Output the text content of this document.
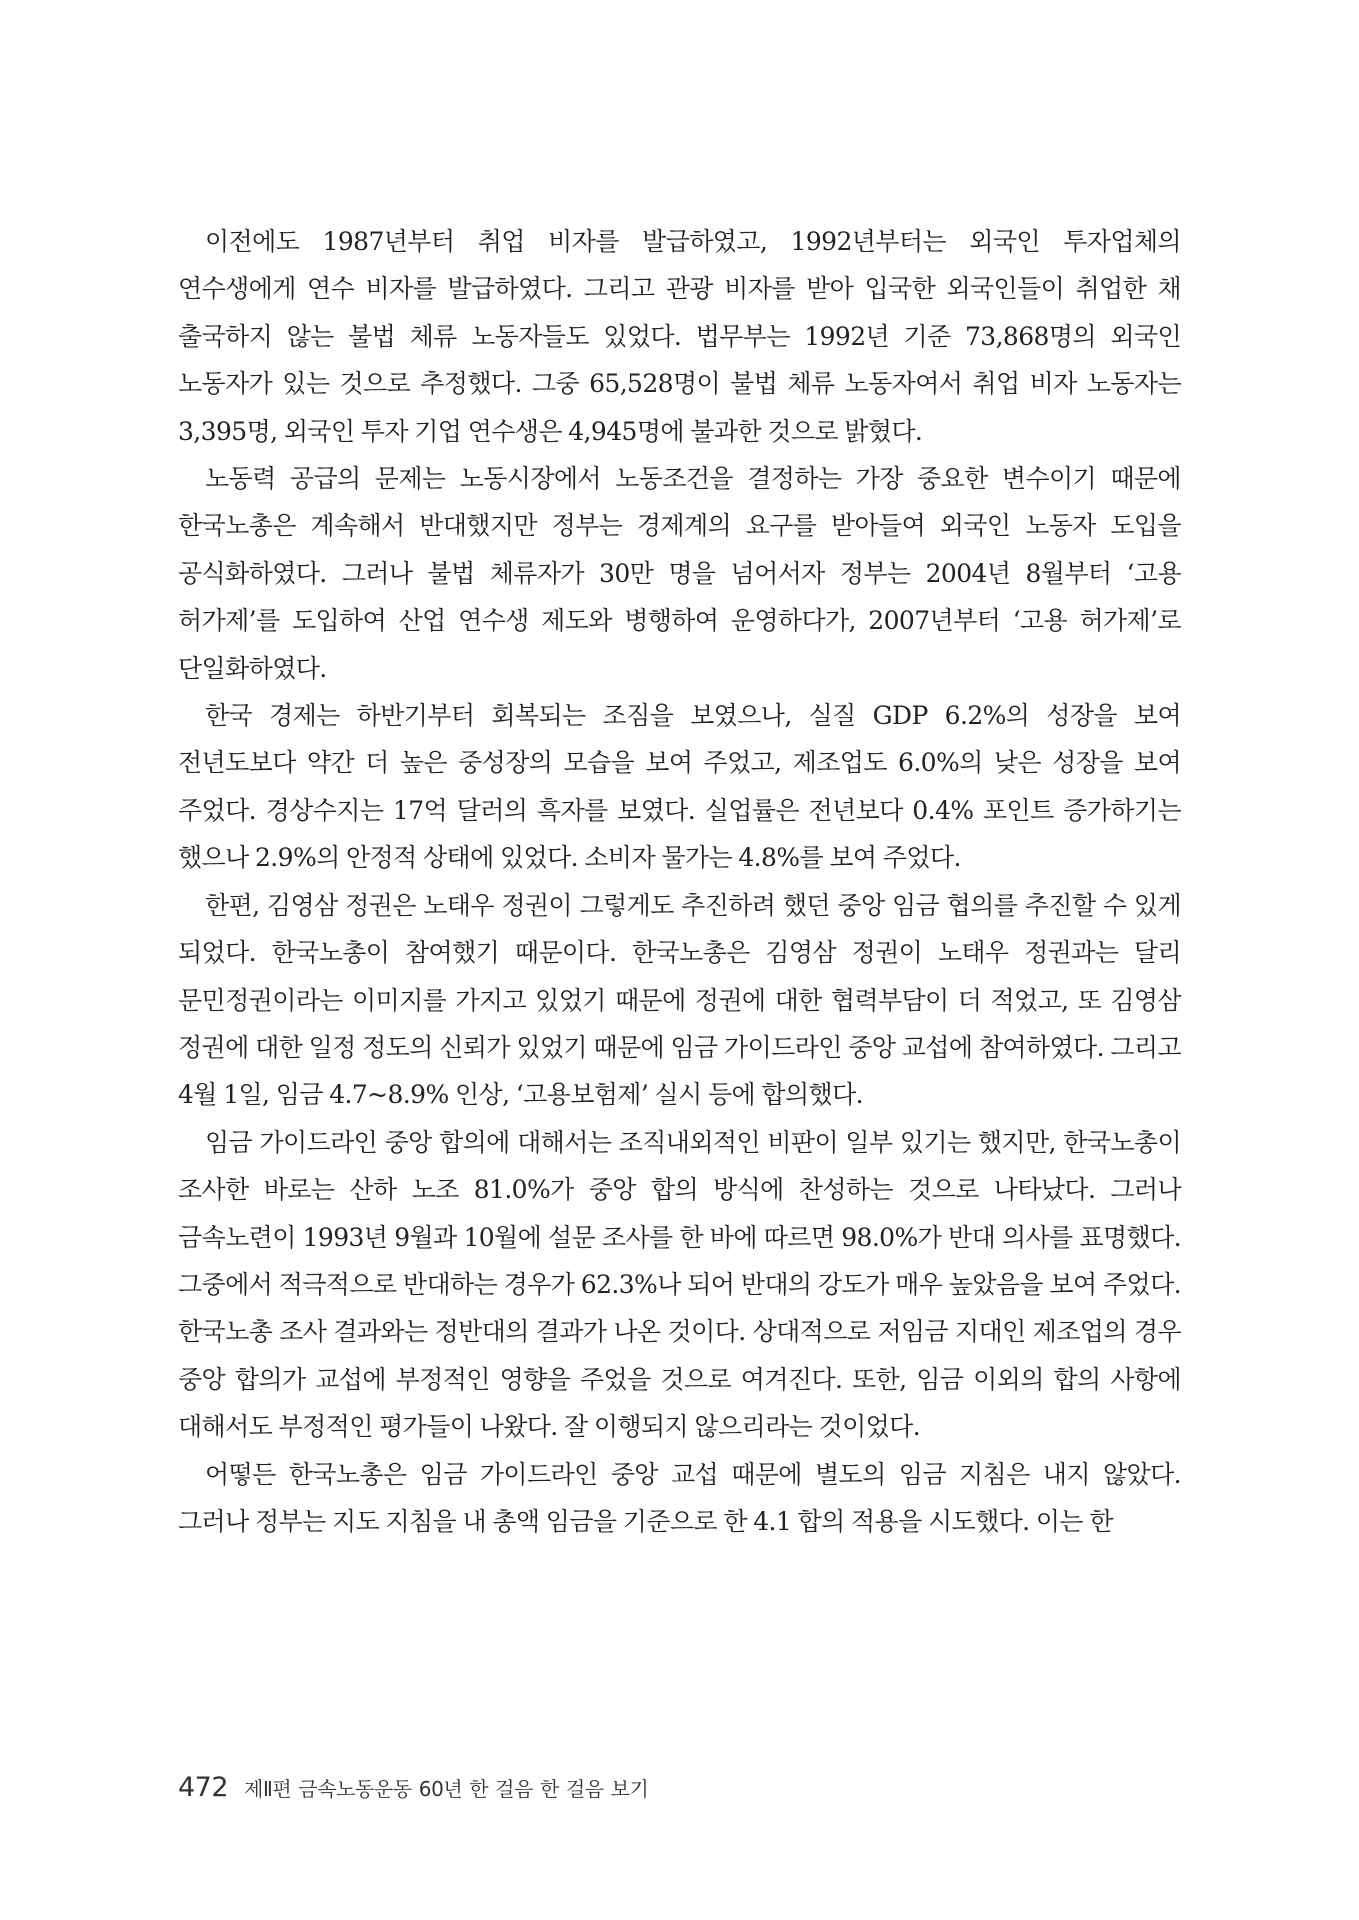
이전에도 1987년부터 취업 비자를 발급하였고, 1992년부터는 외국인 투자업체의 연수생에게 연수 비자를 발급하였다. 그리고 관광 비자를 받아 입국한 외국인들이 취업한 채 출국하지 않는 불법 체류 노동자들도 있었다. 법무부는 1992년 기준 73,868명의 외국인 노동자가 있는 것으로 추정했다. 그중 65,528명이 불법 체류 노동자여서 취업 비자 노동자는 3,395명, 외국인 투자 기업 연수생은 4,945명에 불과한 것으로 밝혔다.

노동력 공급의 문제는 노동시장에서 노동조건을 결정하는 가장 중요한 변수이기 때문에 한국노총은 계속해서 반대했지만 정부는 경제계의 요구를 받아들여 외국인 노동자 도입을 공식화하였다. 그러나 불법 체류자가 30만 명을 넘어서자 정부는 2004년 8월부터 ‘고용 허가제’를 도입하여 산업 연수생 제도와 병행하여 운영하다가, 2007년부터 ‘고용 허가제’로 단일화하였다.

한국 경제는 하반기부터 회복되는 조짐을 보였으나, 실질 GDP 6.2%의 성장을 보여 전년도보다 약간 더 높은 중성장의 모습을 보여 주었고, 제조업도 6.0%의 낮은 성장을 보여 주었다. 경상수지는 17억 달러의 흑자를 보였다. 실업률은 전년보다 0.4% 포인트 증가하기는 했으나 2.9%의 안정적 상태에 있었다. 소비자 물가는 4.8%를 보여 주었다.

한편, 김영삼 정권은 노태우 정권이 그렇게도 추진하려 했던 중앙 임금 협의를 추진할 수 있게 되었다. 한국노총이 참여했기 때문이다. 한국노총은 김영삼 정권이 노태우 정권과는 달리 문민정권이라는 이미지를 가지고 있었기 때문에 정권에 대한 협력부담이 더 적었고, 또 김영삼 정권에 대한 일정 정도의 신뢰가 있었기 때문에 임금 가이드라인 중앙 교섭에 참여하였다. 그리고 4월 1일, 임금 4.7~8.9% 인상, ‘고용보험제’ 실시 등에 합의했다.

임금 가이드라인 중앙 합의에 대해서는 조직내외적인 비판이 일부 있기는 했지만, 한국노총이 조사한 바로는 산하 노조 81.0%가 중앙 합의 방식에 찬성하는 것으로 나타났다. 그러나 금속노련이 1993년 9월과 10월에 설문 조사를 한 바에 따르면 98.0%가 반대 의사를 표명했다. 그중에서 적극적으로 반대하는 경우가 62.3%나 되어 반대의 강도가 매우 높았음을 보여 주었다. 한국노총 조사 결과와는 정반대의 결과가 나온 것이다. 상대적으로 저임금 지대인 제조업의 경우 중앙 합의가 교섭에 부정적인 영향을 주었을 것으로 여겨진다. 또한, 임금 이외의 합의 사항에 대해서도 부정적인 평가들이 나왔다. 잘 이행되지 않으리라는 것이었다.

어떻든 한국노총은 임금 가이드라인 중앙 교섭 때문에 별도의 임금 지침은 내지 않았다. 그러나 정부는 지도 지침을 내 총액 임금을 기준으로 한 4.1 합의 적용을 시도했다. 이는 한

472 제Ⅱ편 금속노동운동 60년 한 걸음 한 걸음 보기
